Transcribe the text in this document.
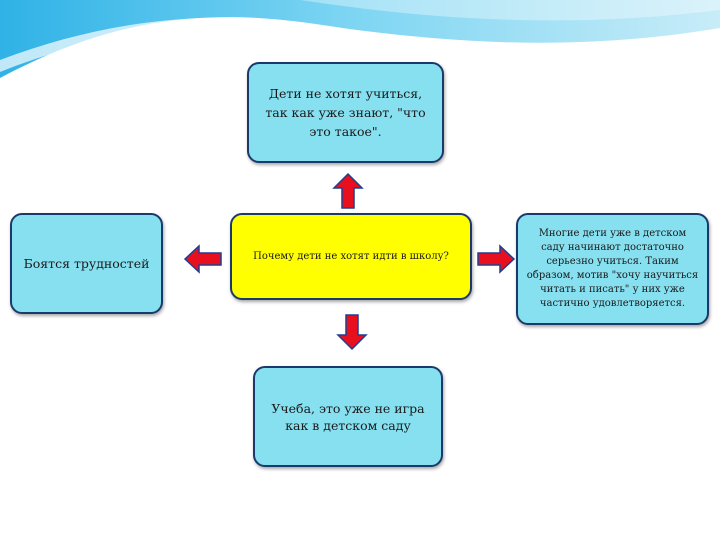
Дети не хотят учиться, так как уже знают, "что это такое".
Боятся трудностей	Почему дети не хотят идти в школу?
Многие дети уже в детском саду начинают достаточно серьезно учиться. Таким образом, мотив "хочу научиться читать и писать" у них уже частично удовлетворяется.
Учеба, это уже не игра как в детском саду
